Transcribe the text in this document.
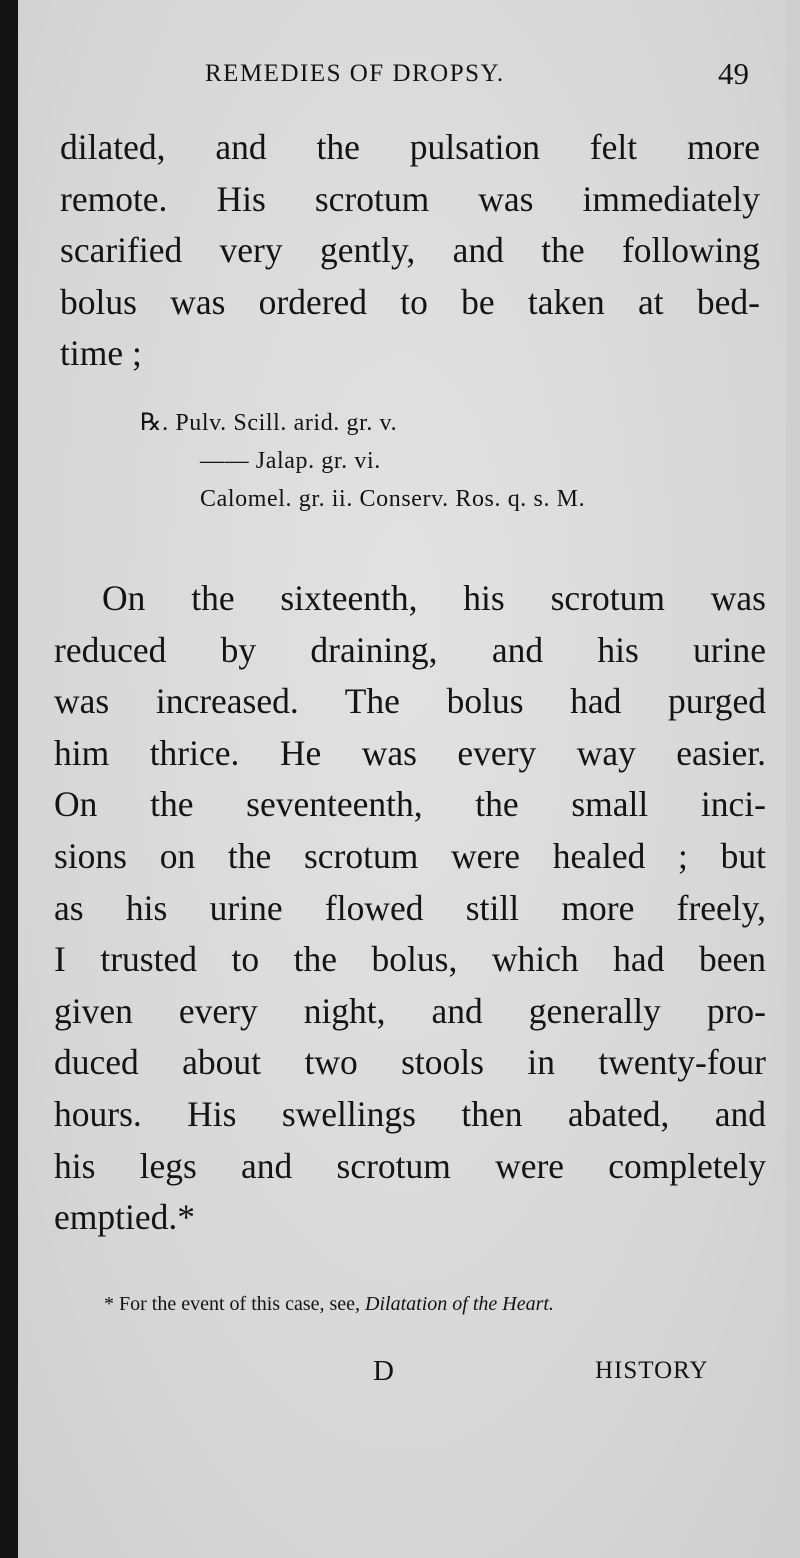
REMEDIES OF DROPSY.	49
dilated, and the pulsation felt more
remote. His scrotum was immediately
scarified very gently, and the following
bolus was ordered to be taken at bed-
time ;
℞. Pulv. Scill. arid. gr. v.
—— Jalap. gr. vi.
Calomel. gr. ii. Conserv. Ros. q. s. M.
On the sixteenth, his scrotum was
reduced by draining, and his urine
was increased. The bolus had purged
him thrice. He was every way easier.
On the seventeenth, the small inci-
sions on the scrotum were healed ; but
as his urine flowed still more freely,
I trusted to the bolus, which had been
given every night, and generally pro-
duced about two stools in twenty-four
hours. His swellings then abated, and
his legs and scrotum were completely
emptied.*
* For the event of this case, see, Dilatation of the Heart.
D	HISTORY
